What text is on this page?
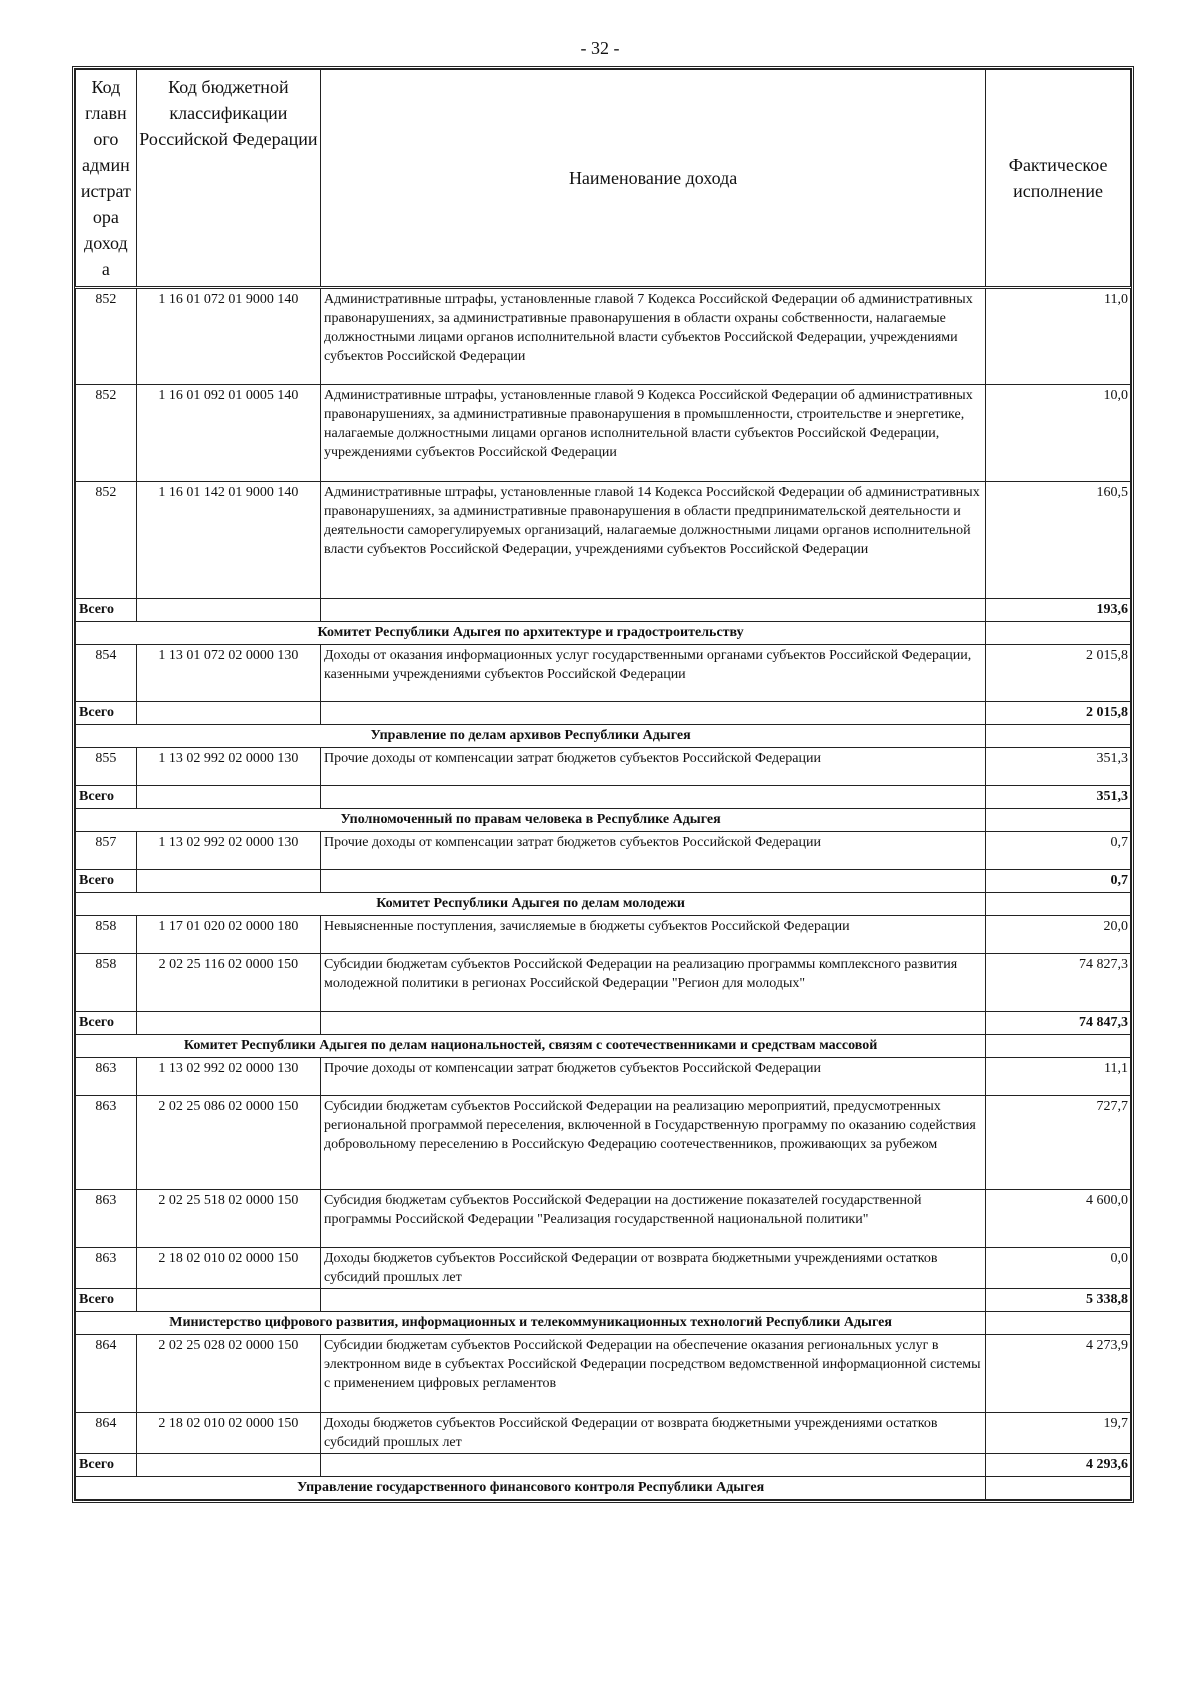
- 32 -
Код главн ого админ истрат ора доход а	Код бюджетной классификации Российской Федерации	Наименование дохода	Фактическое исполнение
852	1 16 01 072 01 9000 140	Административные штрафы, установленные главой 7 Кодекса Российской Федерации об административных правонарушениях, за административные правонарушения в области охраны собственности, налагаемые должностными лицами органов исполнительной власти субъектов Российской Федерации, учреждениями субъектов Российской Федерации	11,0
852	1 16 01 092 01 0005 140	Административные штрафы, установленные главой 9 Кодекса Российской Федерации об административных правонарушениях, за административные правонарушения в промышленности, строительстве и энергетике, налагаемые должностными лицами органов исполнительной власти субъектов Российской Федерации, учреждениями субъектов Российской Федерации	10,0
852	1 16 01 142 01 9000 140	Административные штрафы, установленные главой 14 Кодекса Российской Федерации об административных правонарушениях, за административные правонарушения в области предпринимательской деятельности и деятельности саморегулируемых организаций, налагаемые должностными лицами органов исполнительной власти субъектов Российской Федерации, учреждениями субъектов Российской Федерации	160,5
Всего			193,6
Комитет Республики Адыгея по архитектуре и градостроительству			
854	1 13 01 072 02 0000 130	Доходы от оказания информационных услуг государственными органами субъектов Российской Федерации, казенными учреждениями субъектов Российской Федерации	2 015,8
Всего			2 015,8
Управление по делам архивов Республики Адыгея			
855	1 13 02 992 02 0000 130	Прочие доходы от компенсации затрат бюджетов субъектов Российской Федерации	351,3
Всего			351,3
Уполномоченный по правам человека в Республике Адыгея			
857	1 13 02 992 02 0000 130	Прочие доходы от компенсации затрат бюджетов субъектов Российской Федерации	0,7
Всего			0,7
Комитет Республики Адыгея по делам молодежи			
858	1 17 01 020 02 0000 180	Невыясненные поступления, зачисляемые в бюджеты субъектов Российской Федерации	20,0
858	2 02 25 116 02 0000 150	Субсидии бюджетам субъектов Российской Федерации на реализацию программы комплексного развития молодежной политики в регионах Российской Федерации "Регион для молодых"	74 827,3
Всего			74 847,3
Комитет Республики Адыгея по делам национальностей, связям с соотечественниками и средствам массовой			
863	1 13 02 992 02 0000 130	Прочие доходы от компенсации затрат бюджетов субъектов Российской Федерации	11,1
863	2 02 25 086 02 0000 150	Субсидии бюджетам субъектов Российской Федерации на реализацию мероприятий, предусмотренных региональной программой переселения, включенной в Государственную программу по оказанию содействия добровольному переселению в Российскую Федерацию соотечественников, проживающих за рубежом	727,7
863	2 02 25 518 02 0000 150	Субсидия бюджетам субъектов Российской Федерации на достижение показателей государственной программы Российской Федерации "Реализация государственной национальной политики"	4 600,0
863	2 18 02 010 02 0000 150	Доходы бюджетов субъектов Российской Федерации от возврата бюджетными учреждениями остатков субсидий прошлых лет	0,0
Всего			5 338,8
Министерство цифрового развития, информационных и телекоммуникационных технологий Республики Адыгея			
864	2 02 25 028 02 0000 150	Субсидии бюджетам субъектов Российской Федерации на обеспечение оказания региональных услуг в электронном виде в субъектах Российской Федерации посредством ведомственной информационной системы с применением цифровых регламентов	4 273,9
864	2 18 02 010 02 0000 150	Доходы бюджетов субъектов Российской Федерации от возврата бюджетными учреждениями остатков субсидий прошлых лет	19,7
Всего			4 293,6
Управление государственного финансового контроля Республики Адыгея			
